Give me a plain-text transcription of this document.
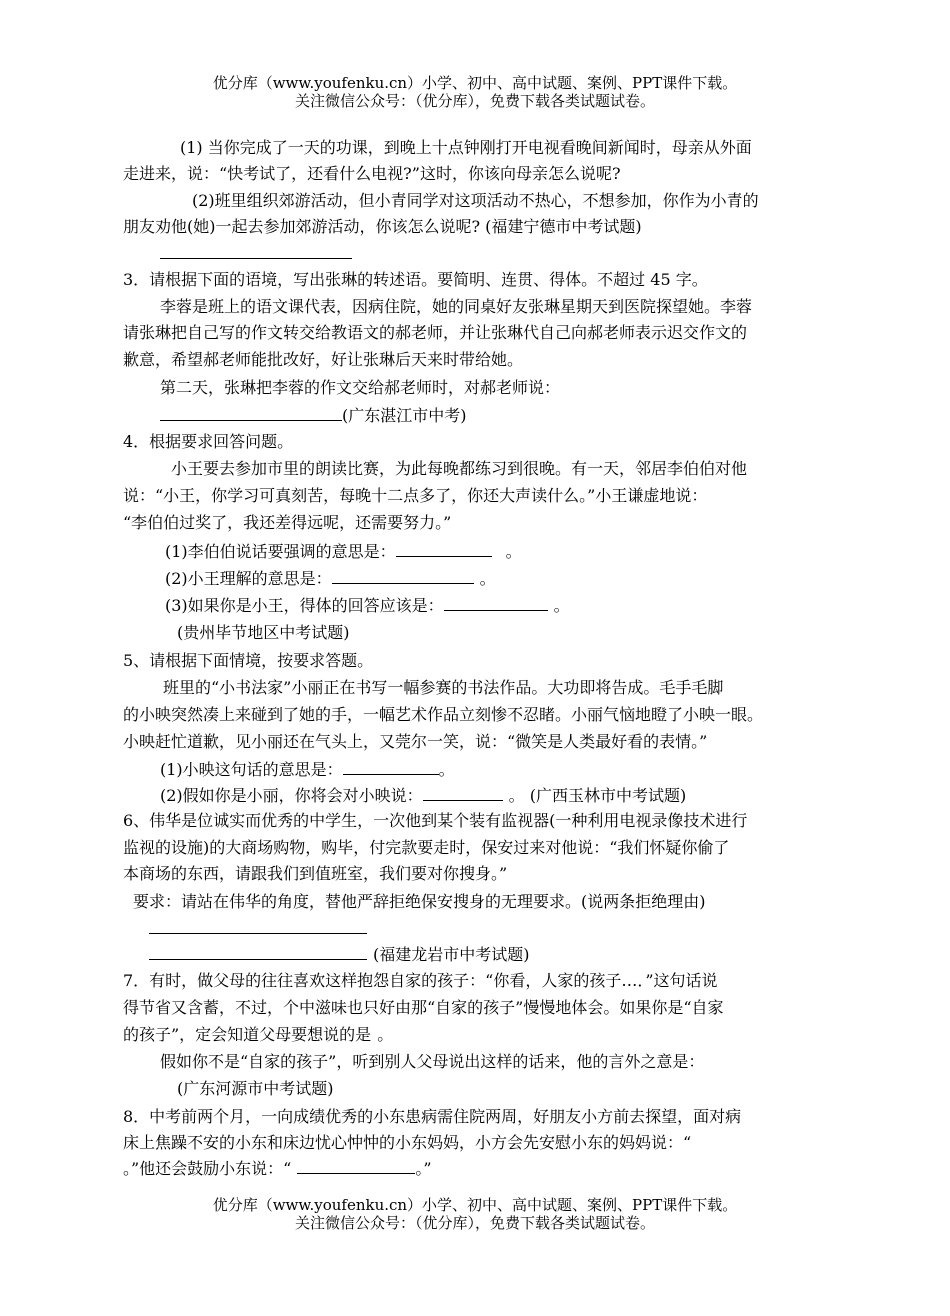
优分库（www.youfenku.cn）小学、初中、高中试题、案例、PPT课件下载。
关注微信公众号：（优分库），免费下载各类试题试卷。
(1) 当你完成了一天的功课，到晚上十点钟刚打开电视看晚间新闻时，母亲从外面
走进来，说：“快考试了，还看什么电视?”这时，你该向母亲怎么说呢?
(2)班里组织郊游活动，但小青同学对这项活动不热心，不想参加，你作为小青的
朋友劝他(她)一起去参加郊游活动，你该怎么说呢? (福建宁德市中考试题)
3．请根据下面的语境，写出张琳的转述语。要简明、连贯、得体。不超过 45 字。
李蓉是班上的语文课代表，因病住院，她的同桌好友张琳星期天到医院探望她。李蓉
请张琳把自己写的作文转交给教语文的郝老师，并让张琳代自己向郝老师表示迟交作文的
歉意，希望郝老师能批改好，好让张琳后天来时带给她。
第二天，张琳把李蓉的作文交给郝老师时，对郝老师说：
(广东湛江市中考)
4．根据要求回答问题。
小王要去参加市里的朗读比赛，为此每晚都练习到很晚。有一天，邻居李伯伯对他
说：“小王，你学习可真刻苦，每晚十二点多了，你还大声读什么。”小王谦虚地说：
“李伯伯过奖了，我还差得远呢，还需要努力。”
(1)李伯伯说话要强调的意思是：	。
(2)小王理解的意思是：	。
(3)如果你是小王，得体的回答应该是：	。
(贵州毕节地区中考试题)
5、请根据下面情境，按要求答题。
班里的“小书法家”小丽正在书写一幅参赛的书法作品。大功即将告成。毛手毛脚
的小映突然凑上来碰到了她的手，一幅艺术作品立刻惨不忍睹。小丽气恼地瞪了小映一眼。
小映赶忙道歉，见小丽还在气头上，又莞尔一笑，说：“微笑是人类最好看的表情。”
(1)小映这句话的意思是：	。
(2)假如你是小丽，你将会对小映说：	。 (广西玉林市中考试题)
6、伟华是位诚实而优秀的中学生，一次他到某个装有监视器(一种利用电视录像技术进行
监视的设施)的大商场购物，购毕，付完款要走时，保安过来对他说：“我们怀疑你偷了
本商场的东西，请跟我们到值班室，我们要对你搜身。”
要求：请站在伟华的角度，替他严辞拒绝保安搜身的无理要求。(说两条拒绝理由)
(福建龙岩市中考试题)
7．有时，做父母的往往喜欢这样抱怨自家的孩子：“你看，人家的孩子…．”这句话说
得节省又含蓄，不过，个中滋味也只好由那“自家的孩子”慢慢地体会。如果你是“自家
的孩子”，定会知道父母要想说的是 。
假如你不是“自家的孩子”，听到别人父母说出这样的话来，他的言外之意是：
(广东河源市中考试题)
8．中考前两个月，一向成绩优秀的小东患病需住院两周，好朋友小方前去探望，面对病
床上焦躁不安的小东和床边忧心忡忡的小东妈妈，小方会先安慰小东的妈妈说：“
。”他还会鼓励小东说：“	。”
优分库（www.youfenku.cn）小学、初中、高中试题、案例、PPT课件下载。
关注微信公众号：（优分库），免费下载各类试题试卷。
